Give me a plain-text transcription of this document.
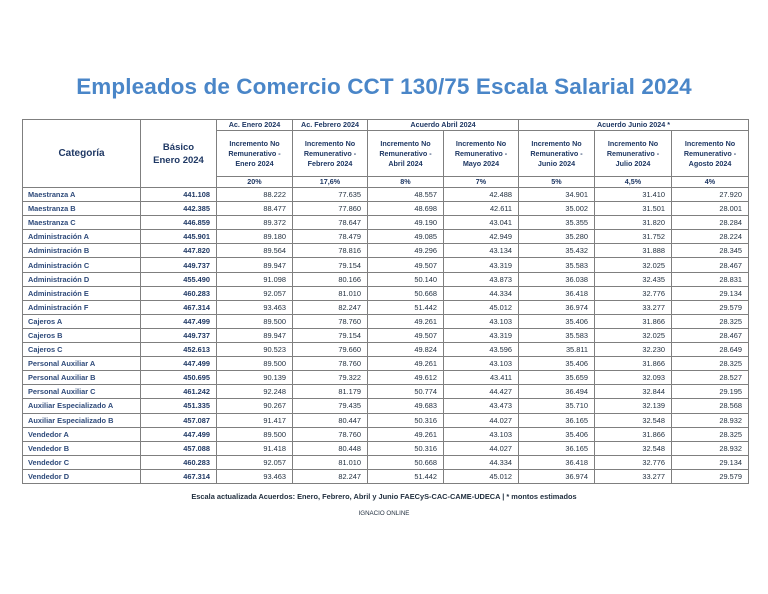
Empleados de Comercio CCT 130/75 Escala Salarial 2024
Categoría	Básico Enero 2024	Ac. Enero 2024	Ac. Febrero 2024	Acuerdo Abril 2024		Acuerdo Junio 2024 *		

		Incremento No Remunerativo - Enero 2024	Incremento No Remunerativo - Febrero 2024	Incremento No Remunerativo - Abril 2024	Incremento No Remunerativo - Mayo 2024	Incremento No Remunerativo - Junio 2024	Incremento No Remunerativo - Julio 2024	Incremento No Remunerativo - Agosto 2024

		20%	17,6%	8%	7%	5%	4,5%	4%
Maestranza A	441.108	88.222	77.635	48.557	42.488	34.901	31.410	27.920
Maestranza B	442.385	88.477	77.860	48.698	42.611	35.002	31.501	28.001
Maestranza C	446.859	89.372	78.647	49.190	43.041	35.355	31.820	28.284
Administración A	445.901	89.180	78.479	49.085	42.949	35.280	31.752	28.224
Administración B	447.820	89.564	78.816	49.296	43.134	35.432	31.888	28.345
Administración C	449.737	89.947	79.154	49.507	43.319	35.583	32.025	28.467
Administración D	455.490	91.098	80.166	50.140	43.873	36.038	32.435	28.831
Administración E	460.283	92.057	81.010	50.668	44.334	36.418	32.776	29.134
Administración F	467.314	93.463	82.247	51.442	45.012	36.974	33.277	29.579
Cajeros A	447.499	89.500	78.760	49.261	43.103	35.406	31.866	28.325
Cajeros B	449.737	89.947	79.154	49.507	43.319	35.583	32.025	28.467
Cajeros C	452.613	90.523	79.660	49.824	43.596	35.811	32.230	28.649
Personal Auxiliar A	447.499	89.500	78.760	49.261	43.103	35.406	31.866	28.325
Personal Auxiliar B	450.695	90.139	79.322	49.612	43.411	35.659	32.093	28.527
Personal Auxiliar C	461.242	92.248	81.179	50.774	44.427	36.494	32.844	29.195
Auxiliar Especializado A	451.335	90.267	79.435	49.683	43.473	35.710	32.139	28.568
Auxiliar Especializado B	457.087	91.417	80.447	50.316	44.027	36.165	32.548	28.932
Vendedor A	447.499	89.500	78.760	49.261	43.103	35.406	31.866	28.325
Vendedor B	457.088	91.418	80.448	50.316	44.027	36.165	32.548	28.932
Vendedor C	460.283	92.057	81.010	50.668	44.334	36.418	32.776	29.134
Vendedor D	467.314	93.463	82.247	51.442	45.012	36.974	33.277	29.579
Escala actualizada Acuerdos: Enero, Febrero, Abril y Junio FAECyS-CAC-CAME-UDECA | * montos estimados
IGNACIO ONLINE
